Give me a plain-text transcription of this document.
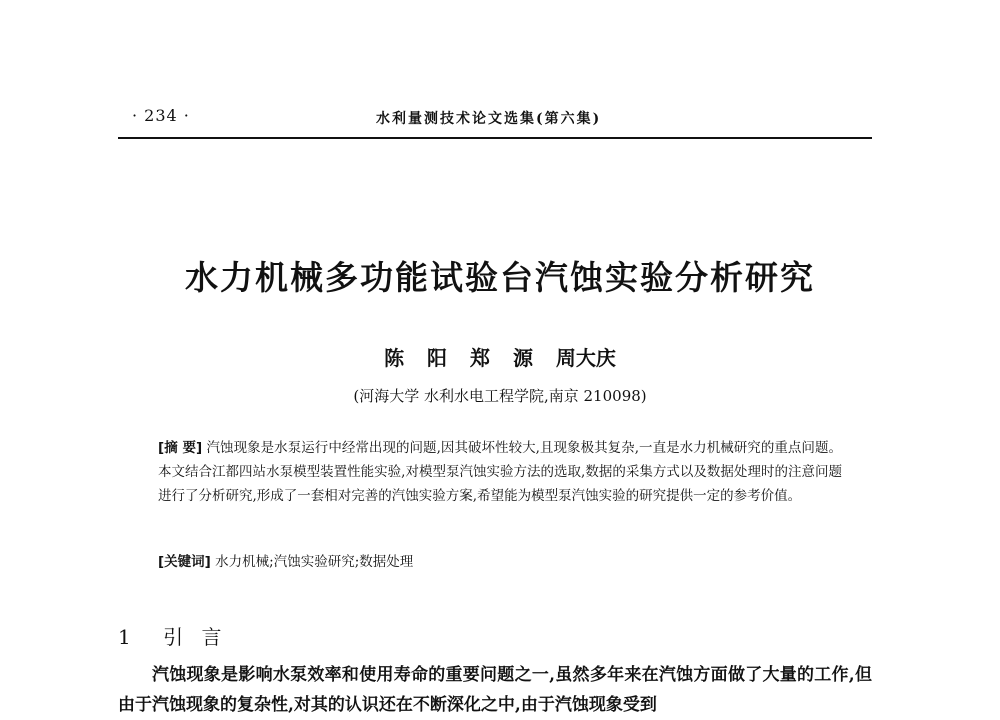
· 234 ·	水利量测技术论文选集(第六集)
水力机械多功能试验台汽蚀实验分析研究
陈 阳 郑 源 周大庆
(河海大学 水利水电工程学院,南京 210098)
[摘 要] 汽蚀现象是水泵运行中经常出现的问题,因其破坏性较大,且现象极其复杂,一直是水力机械研究的重点问题。本文结合江都四站水泵模型装置性能实验,对模型泵汽蚀实验方法的选取,数据的采集方式以及数据处理时的注意问题进行了分析研究,形成了一套相对完善的汽蚀实验方案,希望能为模型泵汽蚀实验的研究提供一定的参考价值。
[关键词] 水力机械;汽蚀实验研究;数据处理
1 引 言
汽蚀现象是影响水泵效率和使用寿命的重要问题之一,虽然多年来在汽蚀方面做了大量的工作,但由于汽蚀现象的复杂性,对其的认识还在不断深化之中,由于汽蚀现象受到
